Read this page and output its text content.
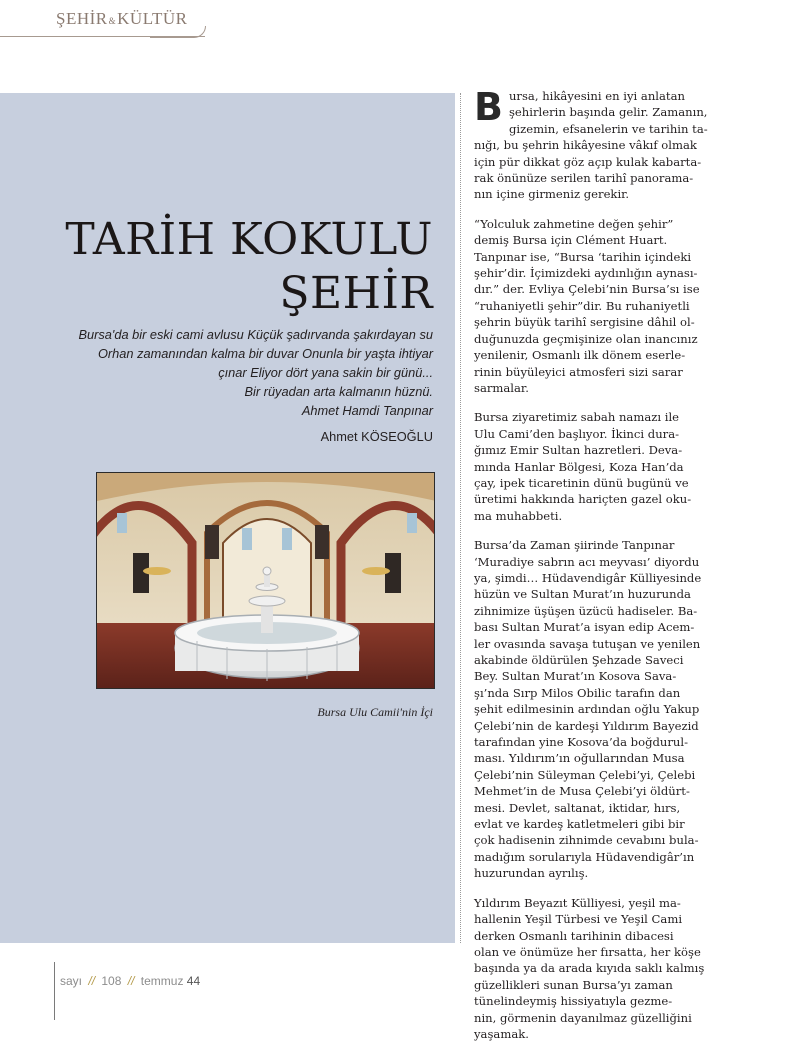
ŞEHİR&KÜLTÜR
TARİH KOKULU
ŞEHİR
Bursa'da bir eski cami avlusu Küçük şadırvanda şakırdayan su
Orhan zamanından kalma bir duvar Onunla bir yaşta ihtiyar
çınar Eliyor dört yana sakin bir günü...
Bir rüyadan arta kalmanın hüznü.
Ahmet Hamdi Tanpınar
Ahmet KÖSEOĞLU
Bursa Ulu Camii'nin İçi

B ursa, hikâyesini en iyi anlatan
şehirlerin başında gelir. Zamanın,
gizemin, efsanelerin ve tarihin ta-
nığı, bu şehrin hikâyesine vâkıf olmak
için pür dikkat göz açıp kulak kabarta-
rak önünüze serilen tarihî panorama-
nın içine girmeniz gerekir.

“Yolculuk zahmetine değen şehir”
demiş Bursa için Clément Huart.
Tanpınar ise, “Bursa ‘tarihin içindeki
şehir’dir. İçimizdeki aydınlığın aynası-
dır.” der. Evliya Çelebi’nin Bursa’sı ise
“ruhaniyetli şehir”dir. Bu ruhaniyetli
şehrin büyük tarihî sergisine dâhil ol-
duğunuzda geçmişinize olan inancınız
yenilenir, Osmanlı ilk dönem eserle-
rinin büyüleyici atmosferi sizi sarar
sarmalar.

Bursa ziyaretimiz sabah namazı ile
Ulu Cami’den başlıyor. İkinci dura-
ğımız Emir Sultan hazretleri. Deva-
mında Hanlar Bölgesi, Koza Han’da
çay, ipek ticaretinin dünü bugünü ve
üretimi hakkında hariçten gazel oku-
ma muhabbeti.

Bursa’da Zaman şiirinde Tanpınar
‘Muradiye sabrın acı meyvası’ diyordu
ya, şimdi… Hüdavendigâr Külliyesinde
hüzün ve Sultan Murat’ın huzurunda
zihnimize üşüşen üzücü hadiseler. Ba-
bası Sultan Murat’a isyan edip Acem-
ler ovasında savaşa tutuşan ve yenilen
akabinde öldürülen Şehzade Saveci
Bey. Sultan Murat’ın Kosova Sava-
şı’nda Sırp Milos Obilic tarafın dan
şehit edilmesinin ardından oğlu Yakup
Çelebi’nin de kardeşi Yıldırım Bayezid
tarafından yine Kosova’da boğdurul-
ması. Yıldırım’ın oğullarından Musa
Çelebi’nin Süleyman Çelebi’yi, Çelebi
Mehmet’in de Musa Çelebi’yi öldürt-
mesi. Devlet, saltanat, iktidar, hırs,
evlat ve kardeş katletmeleri gibi bir
çok hadisenin zihnimde cevabını bula-
madığım sorularıyla Hüdavendigâr’ın
huzurundan ayrılış.

Yıldırım Beyazıt Külliyesi, yeşil ma-
hallenin Yeşil Türbesi ve Yeşil Cami
derken Osmanlı tarihinin dibacesi
olan ve önümüze her fırsatta, her köşe
başında ya da arada kıyıda saklı kalmış
güzellikleri sunan Bursa’yı zaman
tünelindeymiş hissiyatıyla gezme-
nin, görmenin dayanılmaz güzelliğini
yaşamak.

sayı // 108 // temmuz 44
